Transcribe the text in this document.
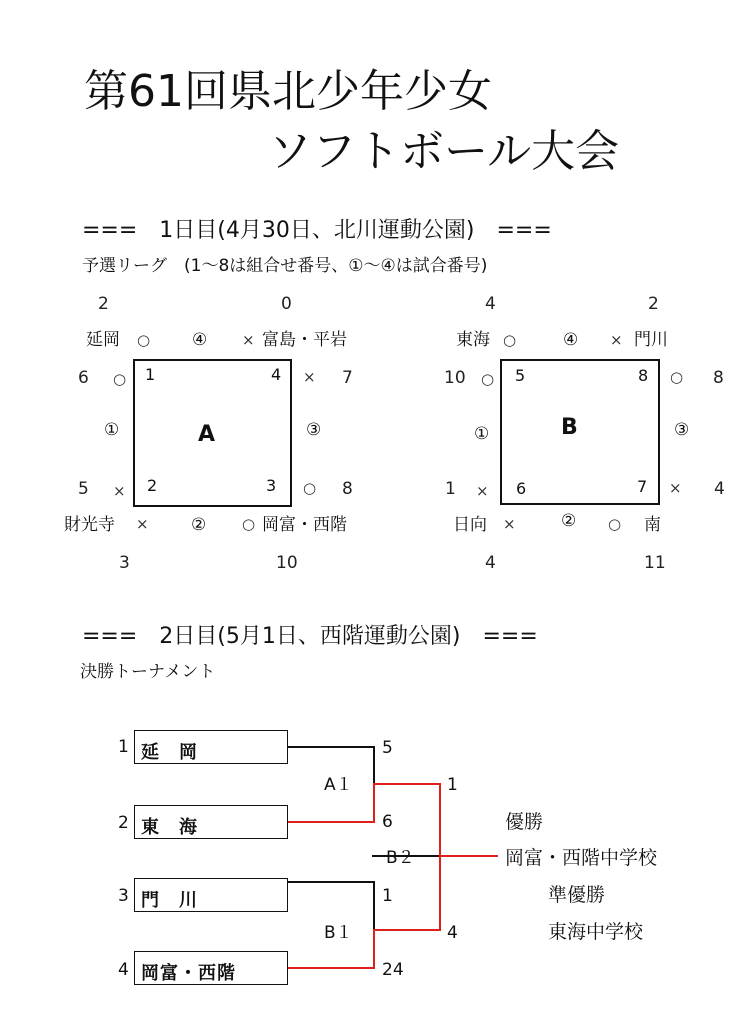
第61回県北少年少女
ソフトボール大会
===　1日目(4月30日、北川運動公園)　===
予選リーグ　(1～8は組合せ番号、①～④は試合番号)
2	0
延岡 ○ ④ × 富島・平岩
1	4
2	3
A
6 ○
①
5 ×
× 7
③
○ 8
財光寺 × ② ○ 岡富・西階
3	10
4	2
東海 ○	④ × 門川
5	8
6	7
B
10 ○
①
1 ×
○ 8
③
× 4
日向 ×	② ○ 南
4	11
===　2日目(5月1日、西階運動公園)　===
決勝トーナメント
1 延　岡
2 東　海
3 門　川
4 岡富・西階
5
6
1
24
1
4
A１
B２
B１
優勝
岡富・西階中学校
準優勝
東海中学校
